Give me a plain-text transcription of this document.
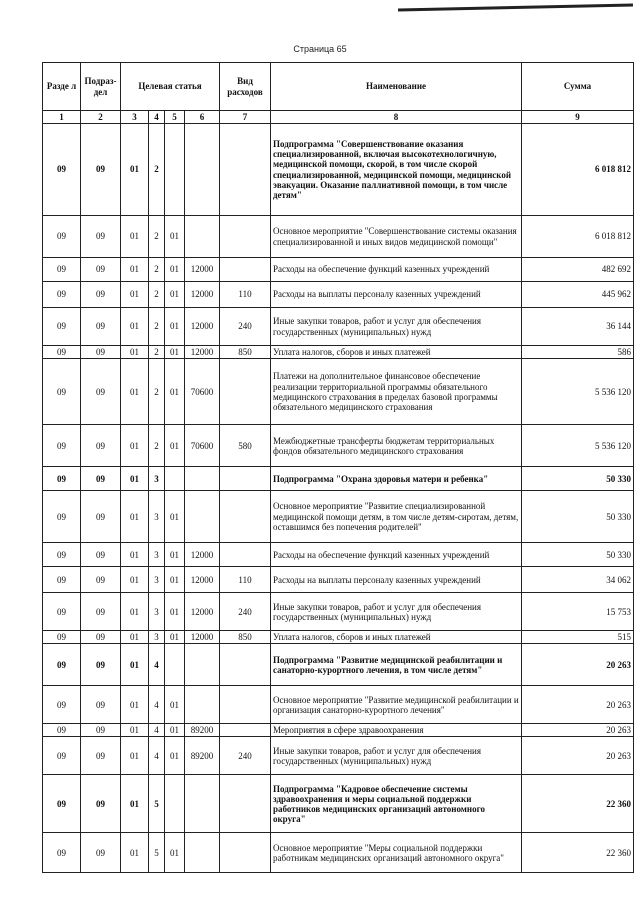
Страница 65
Разде л	Подраз- дел	Целевая статья				Вид расходов	Наименование	Сумма
1	2	3	4	5	6	7	8	9
09	09	01	2				Подпрограмма "Совершенствование оказания специализированной, включая высокотехнологичную, медицинской помощи, скорой, в том числе скорой специализированной, медицинской помощи, медицинской эвакуации. Оказание паллиативной помощи, в том числе детям"	6 018 812
09	09	01	2	01			Основное мероприятие "Совершенствование системы оказания специализированной и иных видов медицинской помощи"	6 018 812
09	09	01	2	01	12000		Расходы на обеспечение функций казенных учреждений	482 692
09	09	01	2	01	12000	110	Расходы на выплаты персоналу казенных учреждений	445 962
09	09	01	2	01	12000	240	Иные закупки товаров, работ и услуг для обеспечения государственных (муниципальных) нужд	36 144
09	09	01	2	01	12000	850	Уплата налогов, сборов и иных платежей	586
09	09	01	2	01	70600		Платежи на дополнительное финансовое обеспечение реализации территориальной программы обязательного медицинского страхования в пределах базовой программы обязательного медицинского страхования	5 536 120
09	09	01	2	01	70600	580	Межбюджетные трансферты бюджетам территориальных фондов обязательного медицинского страхования	5 536 120
09	09	01	3				Подпрограмма "Охрана здоровья матери и ребенка"	50 330
09	09	01	3	01			Основное мероприятие "Развитие специализированной медицинской помощи детям, в том числе детям-сиротам, детям, оставшимся без попечения родителей"	50 330
09	09	01	3	01	12000		Расходы на обеспечение функций казенных учреждений	50 330
09	09	01	3	01	12000	110	Расходы на выплаты персоналу казенных учреждений	34 062
09	09	01	3	01	12000	240	Иные закупки товаров, работ и услуг для обеспечения государственных (муниципальных) нужд	15 753
09	09	01	3	01	12000	850	Уплата налогов, сборов и иных платежей	515
09	09	01	4				Подпрограмма "Развитие медицинской реабилитации и санаторно-курортного лечения, в том числе детям"	20 263
09	09	01	4	01			Основное мероприятие "Развитие медицинской реабилитации и организация санаторно-курортного лечения"	20 263
09	09	01	4	01	89200		Мероприятия в сфере здравоохранения	20 263
09	09	01	4	01	89200	240	Иные закупки товаров, работ и услуг для обеспечения государственных (муниципальных) нужд	20 263
09	09	01	5				Подпрограмма "Кадровое обеспечение системы здравоохранения и меры социальной поддержки работников медицинских организаций автономного округа"	22 360
09	09	01	5	01			Основное мероприятие "Меры социальной поддержки работникам медицинских организаций автономного округа"	22 360
